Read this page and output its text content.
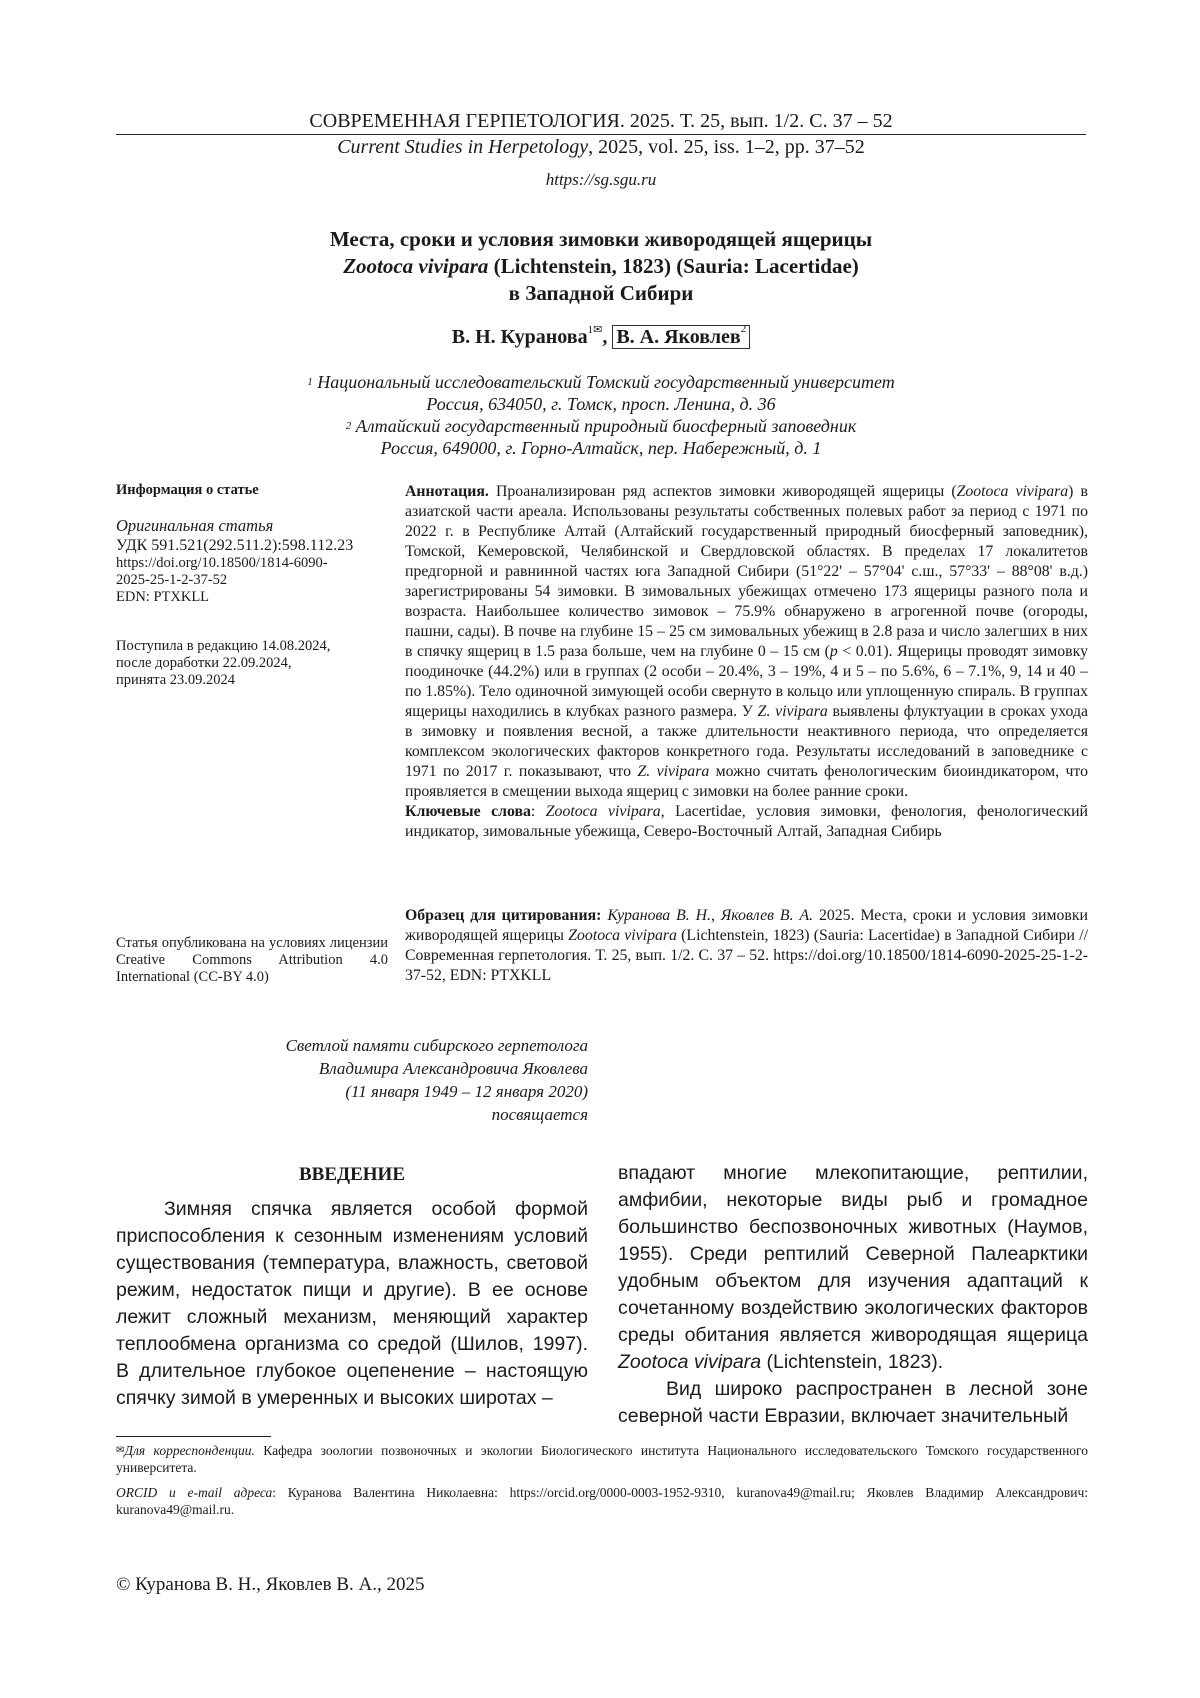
СОВРЕМЕННАЯ ГЕРПЕТОЛОГИЯ. 2025. Т. 25, вып. 1/2. С. 37 – 52
Current Studies in Herpetology, 2025, vol. 25, iss. 1–2, pp. 37–52
https://sg.sgu.ru
Места, сроки и условия зимовки живородящей ящерицы
Zootoca vivipara (Lichtenstein, 1823) (Sauria: Lacertidae)
в Западной Сибири
В. Н. Куранова$^{1✉}$, В. А. Яковлев$^2$
$^1$ Национальный исследовательский Томский государственный университет
Россия, 634050, г. Томск, просп. Ленина, д. 36
$^2$ Алтайский государственный природный биосферный заповедник
Россия, 649000, г. Горно-Алтайск, пер. Набережный, д. 1
Информация о статье
Оригинальная статья
УДК 591.521(292.511.2):598.112.23
https://doi.org/10.18500/1814-6090-
2025-25-1-2-37-52
EDN: PTXKLL
Поступила в редакцию 14.08.2024,
после доработки 22.09.2024,
принята 23.09.2024
Статья опубликована на условиях лицензии Creative Commons Attribution 4.0 International (CC-BY 4.0)

Аннотация. Проанализирован ряд аспектов зимовки живородящей ящерицы (Zootoca vivipara) в азиатской части ареала. Использованы результаты собственных полевых работ за период с 1971 по 2022 г. в Республике Алтай (Алтайский государственный природный биосферный заповедник), Томской, Кемеровской, Челябинской и Свердловской областях. В пределах 17 локалитетов предгорной и равнинной частях юга Западной Сибири (51°22' – 57°04' с.ш., 57°33' – 88°08' в.д.) зарегистрированы 54 зимовки. В зимовальных убежищах отмечено 173 ящерицы разного пола и возраста. Наибольшее количество зимовок – 75.9% обнаружено в агрогенной почве (огороды, пашни, сады). В почве на глубине 15 – 25 см зимовальных убежищ в 2.8 раза и число залегших в них в спячку ящериц в 1.5 раза больше, чем на глубине 0 – 15 см (p < 0.01). Ящерицы проводят зимовку поодиночке (44.2%) или в группах (2 особи – 20.4%, 3 – 19%, 4 и 5 – по 5.6%, 6 – 7.1%, 9, 14 и 40 – по 1.85%). Тело одиночной зимующей особи свернуто в кольцо или уплощенную спираль. В группах ящерицы находились в клубках разного размера. У Z. vivipara выявлены флуктуации в сроках ухода в зимовку и появления весной, а также длительности неактивного периода, что определяется комплексом экологических факторов конкретного года. Результаты исследований в заповеднике с 1971 по 2017 г. показывают, что Z. vivipara можно считать фенологическим биоиндикатором, что проявляется в смещении выхода ящериц с зимовки на более ранние сроки.

Ключевые слова: Zootoca vivipara, Lacertidae, условия зимовки, фенология, фенологический индикатор, зимовальные убежища, Северо-Восточный Алтай, Западная Сибирь

Образец для цитирования: Куранова В. Н., Яковлев В. А. 2025. Места, сроки и условия зимовки живородящей ящерицы Zootoca vivipara (Lichtenstein, 1823) (Sauria: Lacertidae) в Западной Сибири // Современная герпетология. Т. 25, вып. 1/2. С. 37 – 52. https://doi.org/10.18500/1814-6090-2025-25-1-2-37-52, EDN: PTXKLL
Светлой памяти сибирского герпетолога
Владимира Александровича Яковлева
(11 января 1949 – 12 января 2020)
посвящается
ВВЕДЕНИЕ

Зимняя спячка является особой формой приспособления к сезонным изменениям условий существования (температура, влажность, световой режим, недостаток пищи и другие). В ее основе лежит сложный механизм, меняющий характер теплообмена организма со средой (Шилов, 1997). В длительное глубокое оцепенение – настоящую спячку зимой в умеренных и высоких широтах –

впадают многие млекопитающие, рептилии, амфибии, некоторые виды рыб и громадное большинство беспозвоночных животных (Наумов, 1955). Среди рептилий Северной Палеарктики удобным объектом для изучения адаптаций к сочетанному воздействию экологических факторов среды обитания является живородящая ящерица Zootoca vivipara (Lichtenstein, 1823).

Вид широко распространен в лесной зоне северной части Евразии, включает значительный

✉Для корреспонденции. Кафедра зоологии позвоночных и экологии Биологического института Национального исследовательского Томского государственного университета.
ORCID и e-mail адреса: Куранова Валентина Николаевна: https://orcid.org/0000-0003-1952-9310, kuranova49@mail.ru; Яковлев Владимир Александрович: kuranova49@mail.ru.
© Куранова В. Н., Яковлев В. А., 2025
